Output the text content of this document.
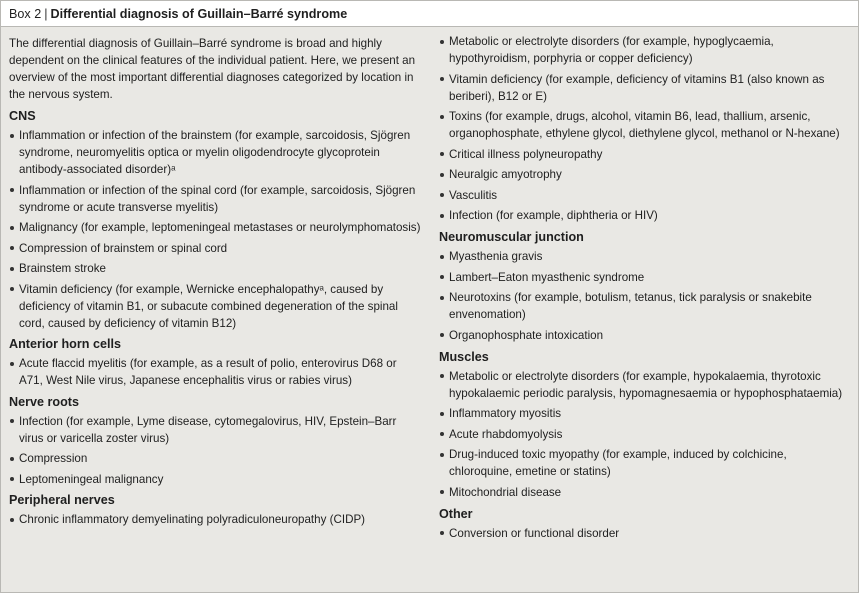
Box 2 | Differential diagnosis of Guillain–Barré syndrome

The differential diagnosis of Guillain–Barré syndrome is broad and highly dependent on the clinical features of the individual patient. Here, we present an overview of the most important differential diagnoses categorized by location in the nervous system.

CNS
Inflammation or infection of the brainstem (for example, sarcoidosis, Sjögren syndrome, neuromyelitis optica or myelin oligodendrocyte glycoprotein antibody-associated disorder)ᵃ
Inflammation or infection of the spinal cord (for example, sarcoidosis, Sjögren syndrome or acute transverse myelitis)
Malignancy (for example, leptomeningeal metastases or neurolymphomatosis)
Compression of brainstem or spinal cord
Brainstem stroke
Vitamin deficiency (for example, Wernicke encephalopathyᵃ, caused by deficiency of vitamin B1, or subacute combined degeneration of the spinal cord, caused by deficiency of vitamin B12)
Anterior horn cells
Acute flaccid myelitis (for example, as a result of polio, enterovirus D68 or A71, West Nile virus, Japanese encephalitis virus or rabies virus)
Nerve roots
Infection (for example, Lyme disease, cytomegalovirus, HIV, Epstein–Barr virus or varicella zoster virus)
Compression
Leptomeningeal malignancy
Peripheral nerves
Chronic inflammatory demyelinating polyradiculoneuropathy (CIDP)
Metabolic or electrolyte disorders (for example, hypoglycaemia, hypothyroidism, porphyria or copper deficiency)
Vitamin deficiency (for example, deficiency of vitamins B1 (also known as beriberi), B12 or E)
Toxins (for example, drugs, alcohol, vitamin B6, lead, thallium, arsenic, organophosphate, ethylene glycol, diethylene glycol, methanol or N-hexane)
Critical illness polyneuropathy
Neuralgic amyotrophy
Vasculitis
Infection (for example, diphtheria or HIV)
Neuromuscular junction
Myasthenia gravis
Lambert–Eaton myasthenic syndrome
Neurotoxins (for example, botulism, tetanus, tick paralysis or snakebite envenomation)
Organophosphate intoxication
Muscles
Metabolic or electrolyte disorders (for example, hypokalaemia, thyrotoxic hypokalaemic periodic paralysis, hypomagnesaemia or hypophosphataemia)
Inflammatory myositis
Acute rhabdomyolysis
Drug-induced toxic myopathy (for example, induced by colchicine, chloroquine, emetine or statins)
Mitochondrial disease
Other
Conversion or functional disorder
